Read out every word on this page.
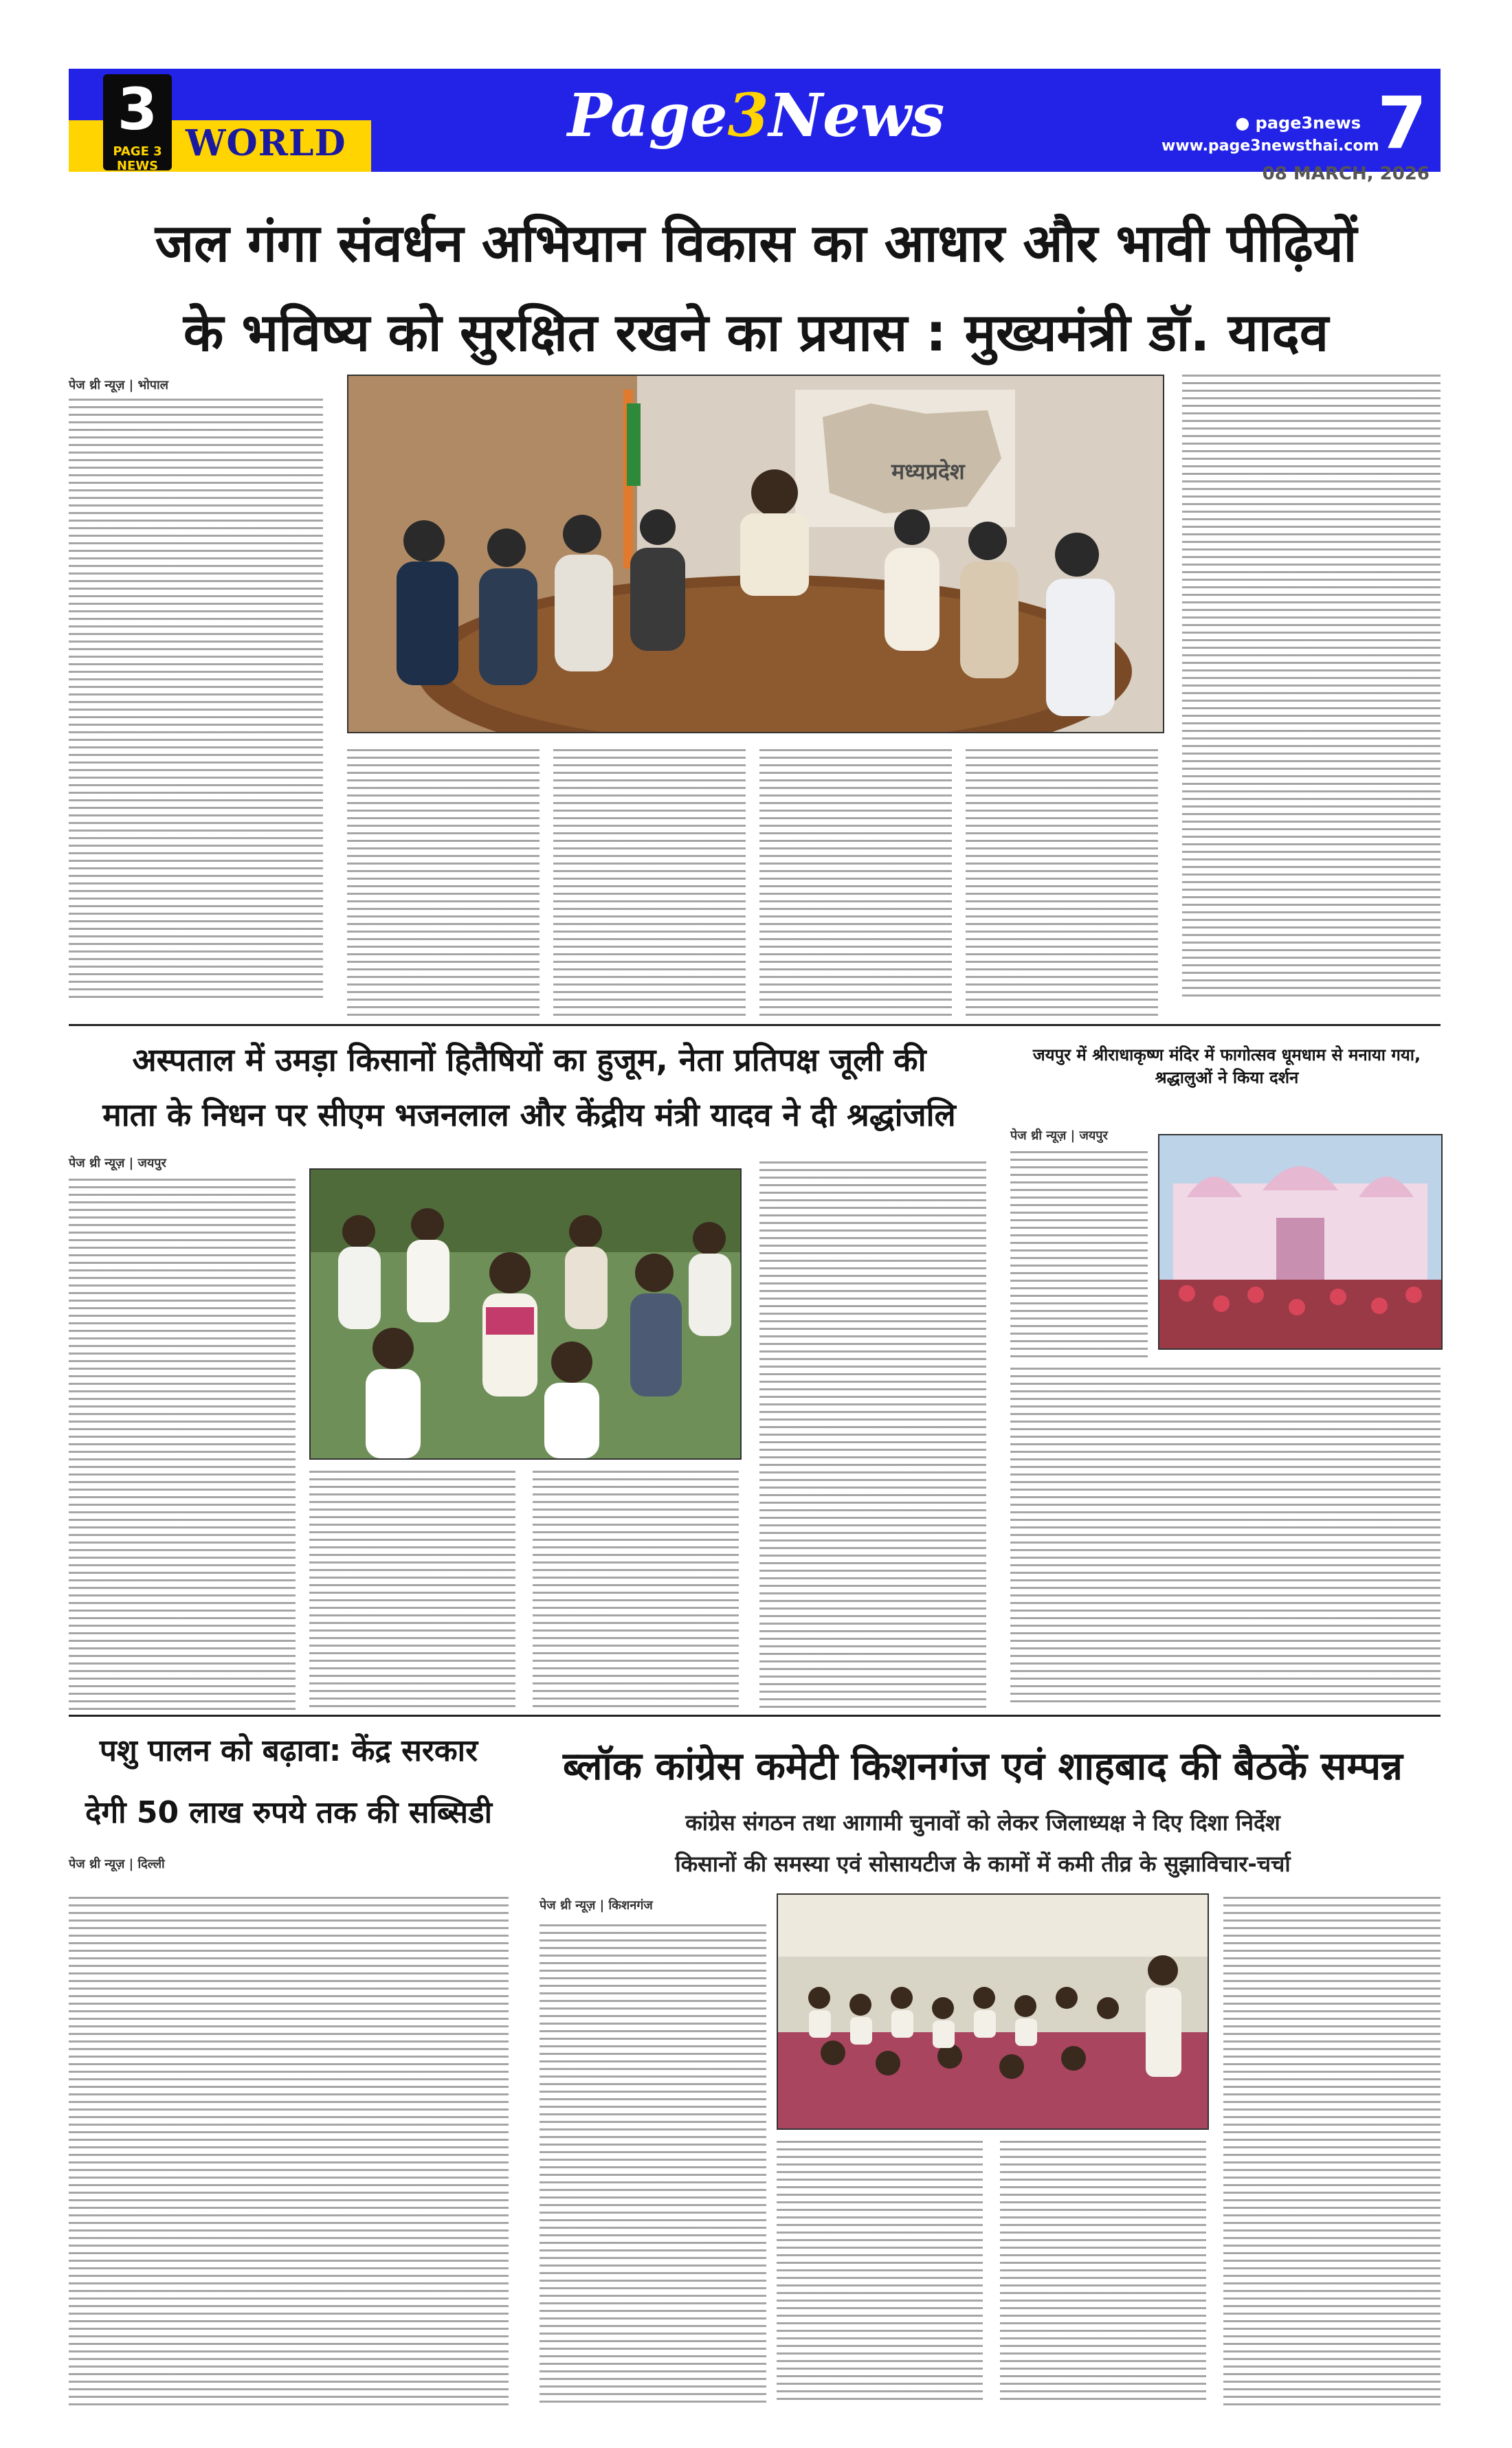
WORLD
3
PAGE 3 NEWS
Page3News	● page3news
www.page3newsthai.com
7
08 MARCH, 2026
जल गंगा संवर्धन अभियान विकास का आधार और भावी पीढ़ियों
के भविष्य को सुरक्षित रखने का प्रयास : मुख्यमंत्री डॉ. यादव
पेज थ्री न्यूज़ | भोपाल
मध्यप्रदेश
अस्पताल में उमड़ा किसानों हितैषियों का हुजूम, नेता प्रतिपक्ष जूली की
माता के निधन पर सीएम भजनलाल और केंद्रीय मंत्री यादव ने दी श्रद्धांजलि
पेज थ्री न्यूज़ | जयपुर
जयपुर में श्रीराधाकृष्ण मंदिर में फागोत्सव धूमधाम से मनाया गया, श्रद्धालुओं ने किया दर्शन
पेज थ्री न्यूज़ | जयपुर
पशु पालन को बढ़ावा: केंद्र सरकार
देगी 50 लाख रुपये तक की सब्सिडी
पेज थ्री न्यूज़ | दिल्ली
ब्लॉक कांग्रेस कमेटी किशनगंज एवं शाहबाद की बैठकें सम्पन्न
कांग्रेस संगठन तथा आगामी चुनावों को लेकर जिलाध्यक्ष ने दिए दिशा निर्देश
किसानों की समस्या एवं सोसायटीज के कामों में कमी तीव्र के सुझाविचार-चर्चा
पेज थ्री न्यूज़ | किशनगंज
